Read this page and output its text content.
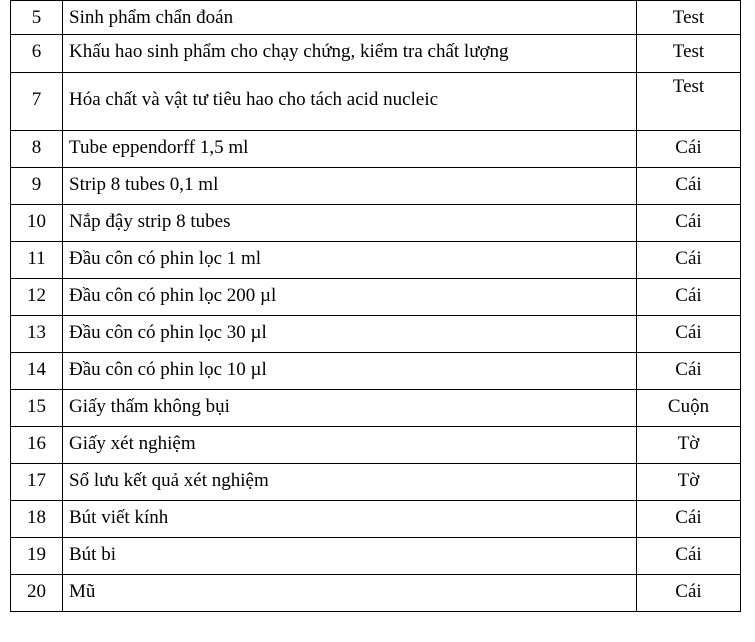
5	Sinh phẩm chẩn đoán	Test
6	Khấu hao sinh phẩm cho chạy chứng, kiểm tra chất lượng	Test
7	Hóa chất và vật tư tiêu hao cho tách acid nucleic	Test
8	Tube eppendorff 1,5 ml	Cái
9	Strip 8 tubes 0,1 ml	Cái
10	Nắp đậy strip 8 tubes	Cái
11	Đầu côn có phin lọc 1 ml	Cái
12	Đầu côn có phin lọc 200 µl	Cái
13	Đầu côn có phin lọc 30 µl	Cái
14	Đầu côn có phin lọc 10 µl	Cái
15	Giấy thấm không bụi	Cuộn
16	Giấy xét nghiệm	Tờ
17	Sổ lưu kết quả xét nghiệm	Tờ
18	Bút viết kính	Cái
19	Bút bi	Cái
20	Mũ	Cái
